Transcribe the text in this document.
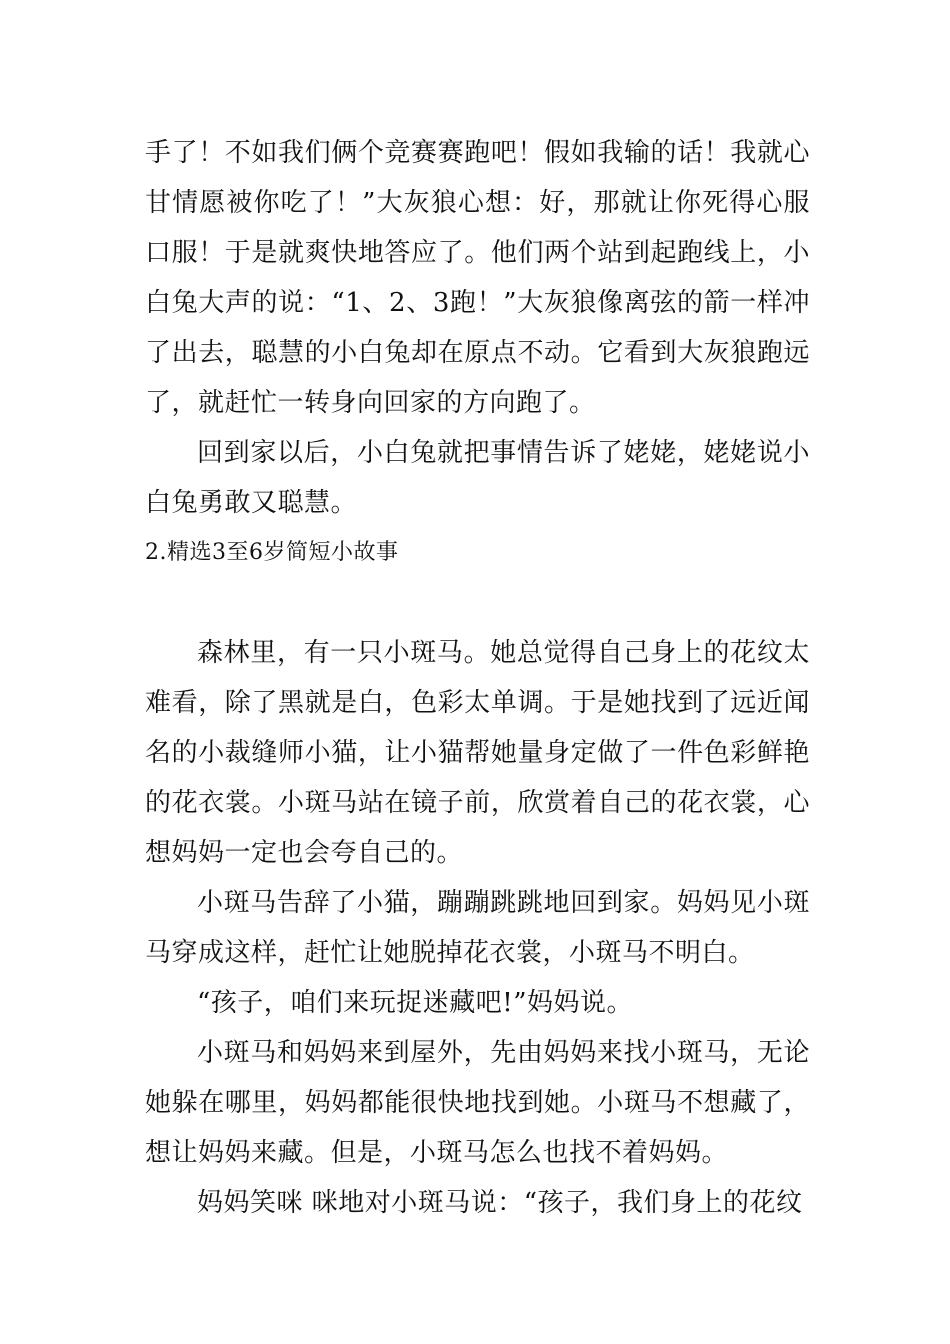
手了！不如我们俩个竞赛赛跑吧！假如我输的话！我就心甘情愿被你吃了！”大灰狼心想：好，那就让你死得心服口服！于是就爽快地答应了。他们两个站到起跑线上，小白兔大声的说：“1、2、3跑！”大灰狼像离弦的箭一样冲了出去，聪慧的小白兔却在原点不动。它看到大灰狼跑远了，就赶忙一转身向回家的方向跑了。

回到家以后，小白兔就把事情告诉了姥姥，姥姥说小白兔勇敢又聪慧。

2.精选3至6岁简短小故事

森林里，有一只小斑马。她总觉得自己身上的花纹太难看，除了黑就是白，色彩太单调。于是她找到了远近闻名的小裁缝师小猫，让小猫帮她量身定做了一件色彩鲜艳的花衣裳。小斑马站在镜子前，欣赏着自己的花衣裳，心想妈妈一定也会夸自己的。

小斑马告辞了小猫，蹦蹦跳跳地回到家。妈妈见小斑马穿成这样，赶忙让她脱掉花衣裳，小斑马不明白。

“孩子，咱们来玩捉迷藏吧!”妈妈说。

小斑马和妈妈来到屋外，先由妈妈来找小斑马，无论她躲在哪里，妈妈都能很快地找到她。小斑马不想藏了，想让妈妈来藏。但是，小斑马怎么也找不着妈妈。

妈妈笑咪 咪地对小斑马说：“孩子，我们身上的花纹
